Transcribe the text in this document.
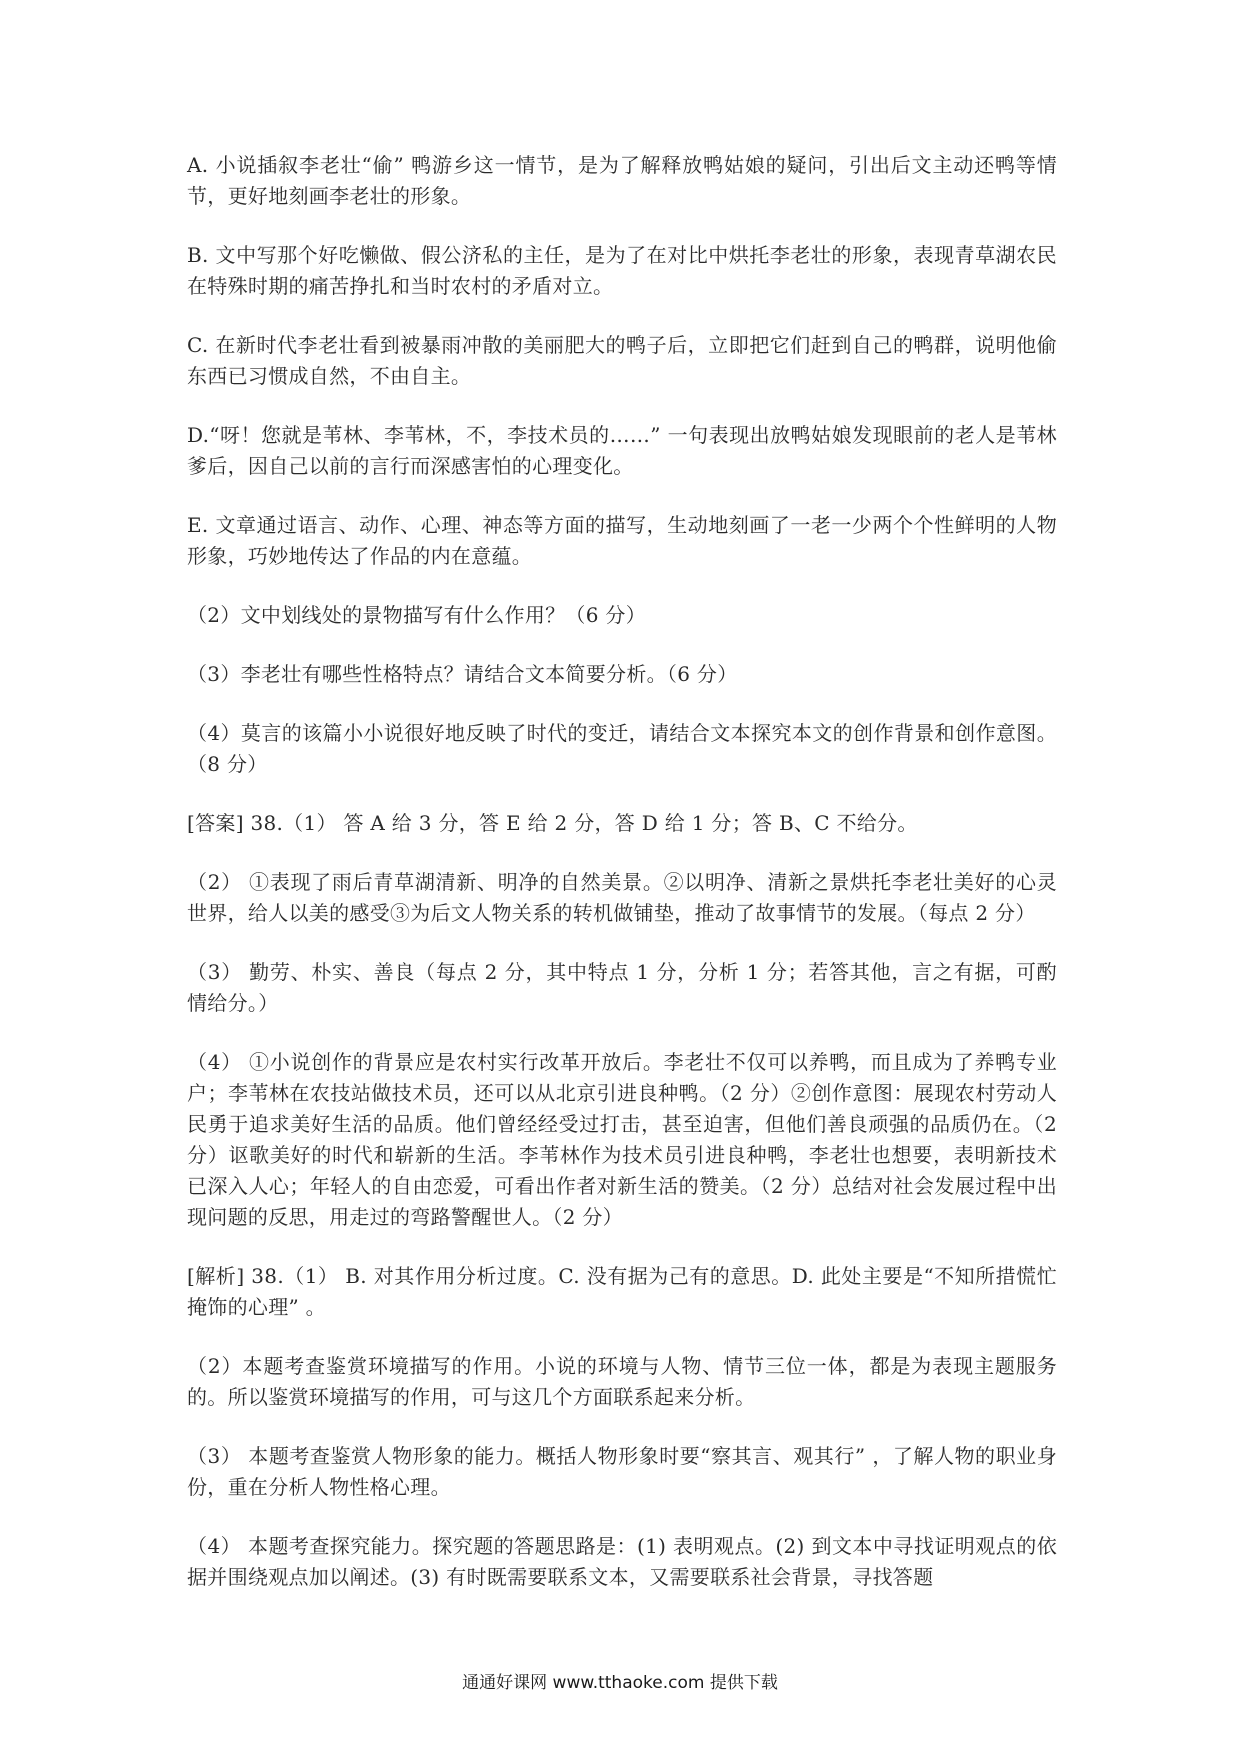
A. 小说插叙李老壮“偷” 鸭游乡这一情节，是为了解释放鸭姑娘的疑问，引出后文主动还鸭等情节，更好地刻画李老壮的形象。

B. 文中写那个好吃懒做、假公济私的主任，是为了在对比中烘托李老壮的形象，表现青草湖农民在特殊时期的痛苦挣扎和当时农村的矛盾对立。

C. 在新时代李老壮看到被暴雨冲散的美丽肥大的鸭子后，立即把它们赶到自己的鸭群，说明他偷东西已习惯成自然，不由自主。

D.“呀！您就是苇林、李苇林，不，李技术员的……” 一句表现出放鸭姑娘发现眼前的老人是苇林爹后，因自己以前的言行而深感害怕的心理变化。

E. 文章通过语言、动作、心理、神态等方面的描写，生动地刻画了一老一少两个个性鲜明的人物形象，巧妙地传达了作品的内在意蕴。

（2）文中划线处的景物描写有什么作用？（6 分）

（3）李老壮有哪些性格特点？请结合文本简要分析。（6 分）

（4）莫言的该篇小小说很好地反映了时代的变迁，请结合文本探究本文的创作背景和创作意图。（8 分）

[答案] 38.（1） 答 A 给 3 分，答 E 给 2 分，答 D 给 1 分；答 B、C 不给分。

（2） ①表现了雨后青草湖清新、明净的自然美景。②以明净、清新之景烘托李老壮美好的心灵世界，给人以美的感受③为后文人物关系的转机做铺垫，推动了故事情节的发展。（每点 2 分）

（3） 勤劳、朴实、善良（每点 2 分，其中特点 1 分，分析 1 分；若答其他，言之有据，可酌情给分。）

（4） ①小说创作的背景应是农村实行改革开放后。李老壮不仅可以养鸭，而且成为了养鸭专业户；李苇林在农技站做技术员，还可以从北京引进良种鸭。（2 分）②创作意图：展现农村劳动人民勇于追求美好生活的品质。他们曾经经受过打击，甚至迫害，但他们善良顽强的品质仍在。（2 分）讴歌美好的时代和崭新的生活。李苇林作为技术员引进良种鸭，李老壮也想要，表明新技术已深入人心；年轻人的自由恋爱，可看出作者对新生活的赞美。（2 分）总结对社会发展过程中出现问题的反思，用走过的弯路警醒世人。（2 分）

[解析] 38.（1） B. 对其作用分析过度。C. 没有据为己有的意思。D. 此处主要是“不知所措慌忙掩饰的心理” 。

（2）本题考查鉴赏环境描写的作用。小说的环境与人物、情节三位一体，都是为表现主题服务的。所以鉴赏环境描写的作用，可与这几个方面联系起来分析。

（3） 本题考查鉴赏人物形象的能力。概括人物形象时要“察其言、观其行” ，了解人物的职业身份，重在分析人物性格心理。

（4） 本题考查探究能力。探究题的答题思路是：(1) 表明观点。(2) 到文本中寻找证明观点的依据并围绕观点加以阐述。(3) 有时既需要联系文本，又需要联系社会背景，寻找答题

通通好课网 www.tthaoke.com 提供下载
